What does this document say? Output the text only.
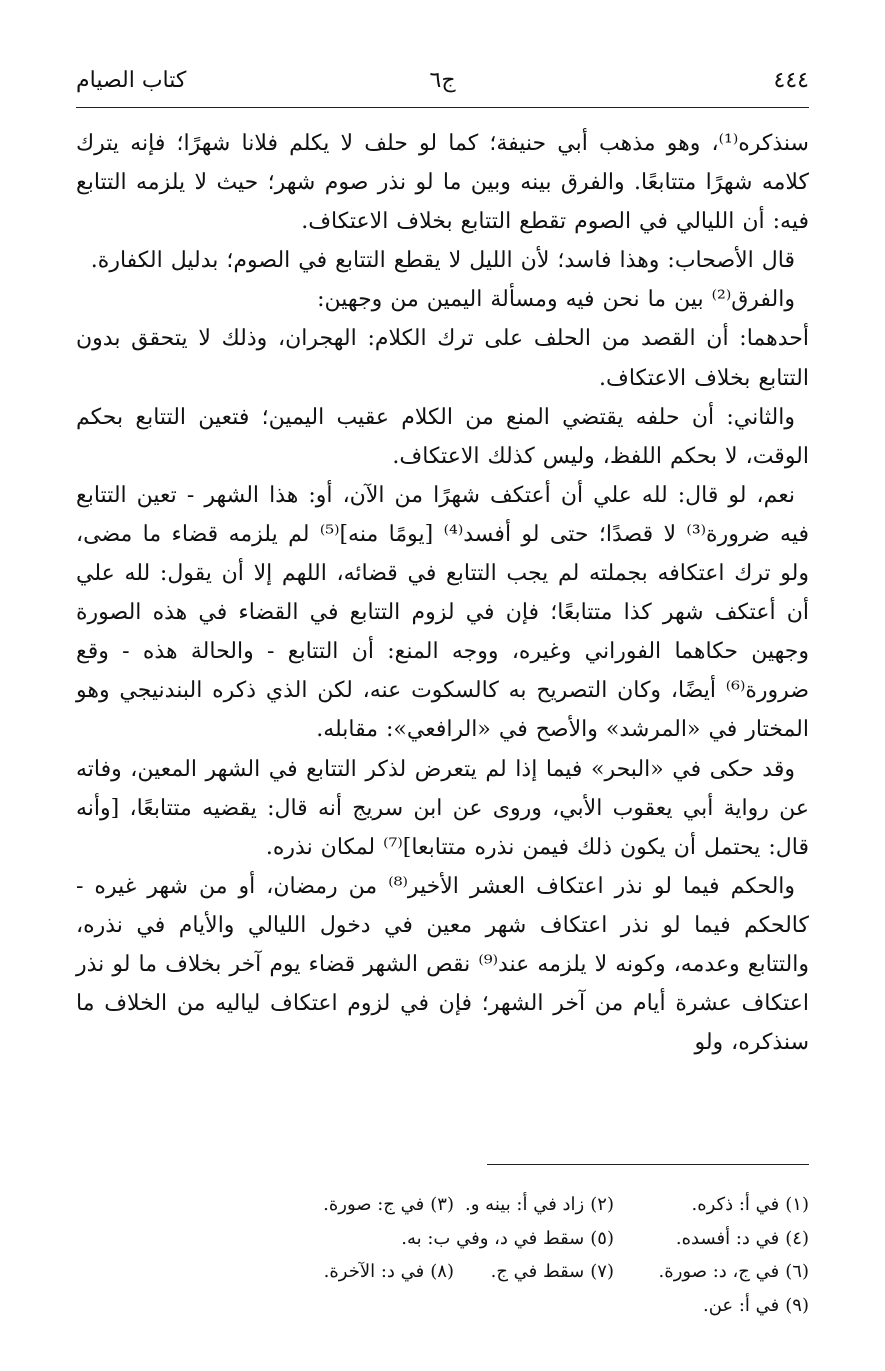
٤٤٤
ج٦
كتاب الصيام

سنذكره⁽¹⁾، وهو مذهب أبي حنيفة؛ كما لو حلف لا يكلم فلانا شهرًا؛ فإنه يترك كلامه شهرًا متتابعًا. والفرق بينه وبين ما لو نذر صوم شهر؛ حيث لا يلزمه التتابع فيه: أن الليالي في الصوم تقطع التتابع بخلاف الاعتكاف.

قال الأصحاب: وهذا فاسد؛ لأن الليل لا يقطع التتابع في الصوم؛ بدليل الكفارة.

والفرق⁽²⁾ بين ما نحن فيه ومسألة اليمين من وجهين:

أحدهما: أن القصد من الحلف على ترك الكلام: الهجران، وذلك لا يتحقق بدون التتابع بخلاف الاعتكاف.

والثاني: أن حلفه يقتضي المنع من الكلام عقيب اليمين؛ فتعين التتابع بحكم الوقت، لا بحكم اللفظ، وليس كذلك الاعتكاف.

نعم، لو قال: لله علي أن أعتكف شهرًا من الآن، أو: هذا الشهر - تعين التتابع فيه ضرورة⁽³⁾ لا قصدًا؛ حتى لو أفسد⁽⁴⁾ [يومًا منه]⁽⁵⁾ لم يلزمه قضاء ما مضى، ولو ترك اعتكافه بجملته لم يجب التتابع في قضائه، اللهم إلا أن يقول: لله علي أن أعتكف شهر كذا متتابعًا؛ فإن في لزوم التتابع في القضاء في هذه الصورة وجهين حكاهما الفوراني وغيره، ووجه المنع: أن التتابع - والحالة هذه - وقع ضرورة⁽⁶⁾ أيضًا، وكان التصريح به كالسكوت عنه، لكن الذي ذكره البندنيجي وهو المختار في «المرشد» والأصح في «الرافعي»: مقابله.

وقد حكى في «البحر» فيما إذا لم يتعرض لذكر التتابع في الشهر المعين، وفاته عن رواية أبي يعقوب الأبي، وروى عن ابن سريج أنه قال: يقضيه متتابعًا، [وأنه قال: يحتمل أن يكون ذلك فيمن نذره متتابعا]⁽⁷⁾ لمكان نذره.

والحكم فيما لو نذر اعتكاف العشر الأخير⁽⁸⁾ من رمضان، أو من شهر غيره - كالحكم فيما لو نذر اعتكاف شهر معين في دخول الليالي والأيام في نذره، والتتابع وعدمه، وكونه لا يلزمه عند⁽⁹⁾ نقص الشهر قضاء يوم آخر بخلاف ما لو نذر اعتكاف عشرة أيام من آخر الشهر؛ فإن في لزوم اعتكاف لياليه من الخلاف ما سنذكره، ولو

(١)في أ: ذكره.
(٢)زاد في أ: بينه و.
(٣)في ج: صورة.
(٤)في د: أفسده.
(٥)سقط في د، وفي ب: به.
(٦)في ج، د: صورة.
(٧)سقط في ج.
(٨)في د: الآخرة.
(٩)في أ: عن.
